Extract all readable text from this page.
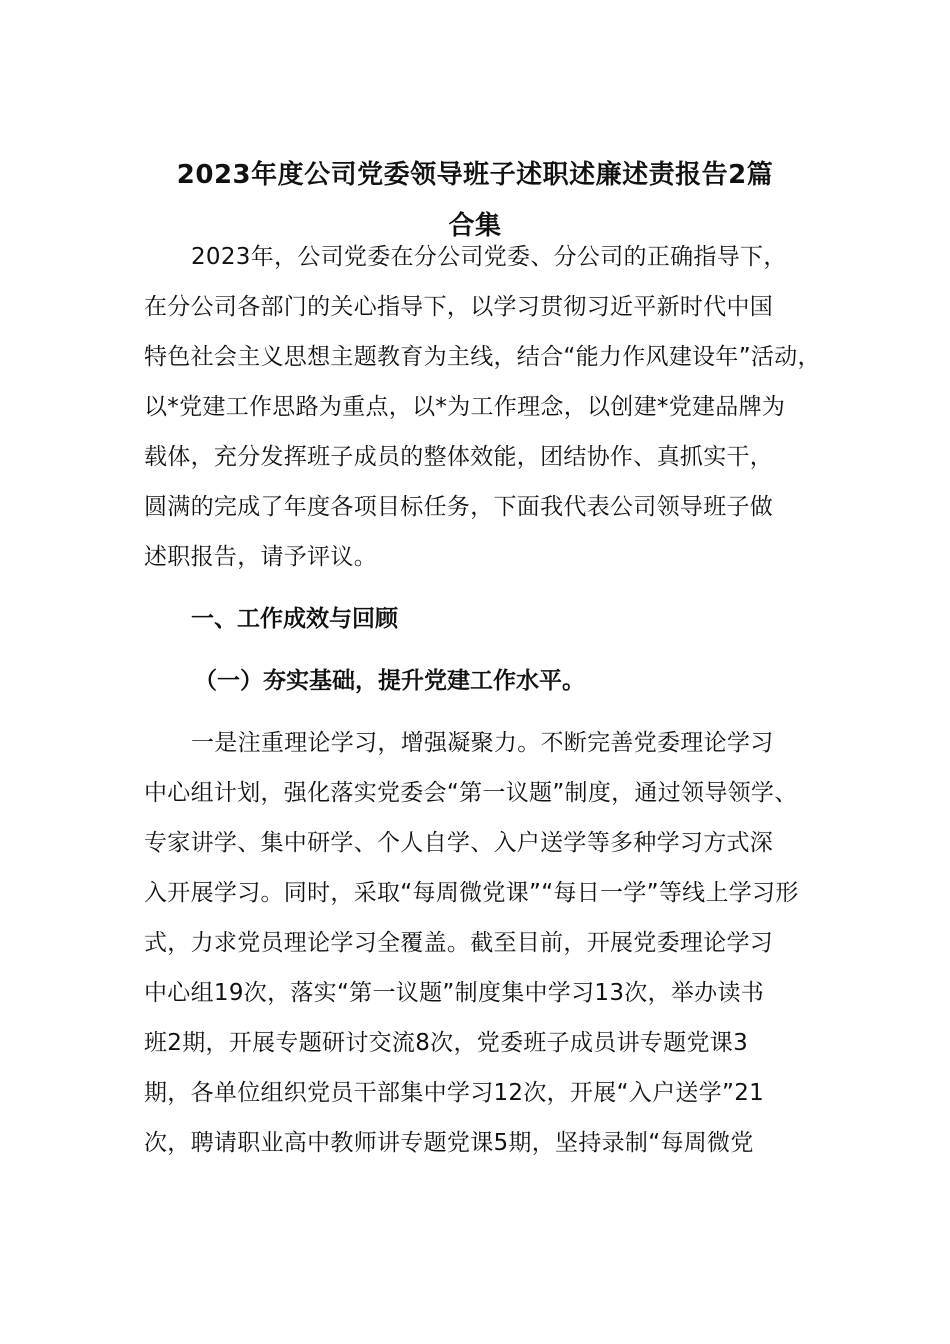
2023年度公司党委领导班子述职述廉述责报告2篇
合集
2023年，公司党委在分公司党委、分公司的正确指导下，
在分公司各部门的关心指导下，以学习贯彻习近平新时代中国
特色社会主义思想主题教育为主线，结合“能力作风建设年”活动，
以*党建工作思路为重点，以*为工作理念，以创建*党建品牌为
载体，充分发挥班子成员的整体效能，团结协作、真抓实干，
圆满的完成了年度各项目标任务，下面我代表公司领导班子做
述职报告，请予评议。
一、工作成效与回顾
（一）夯实基础，提升党建工作水平。
一是注重理论学习，增强凝聚力。不断完善党委理论学习
中心组计划，强化落实党委会“第一议题”制度，通过领导领学、
专家讲学、集中研学、个人自学、入户送学等多种学习方式深
入开展学习。同时，采取“每周微党课”“每日一学”等线上学习形
式，力求党员理论学习全覆盖。截至目前，开展党委理论学习
中心组19次，落实“第一议题”制度集中学习13次，举办读书
班2期，开展专题研讨交流8次，党委班子成员讲专题党课3
期，各单位组织党员干部集中学习12次，开展“入户送学”21
次，聘请职业高中教师讲专题党课5期，坚持录制“每周微党
